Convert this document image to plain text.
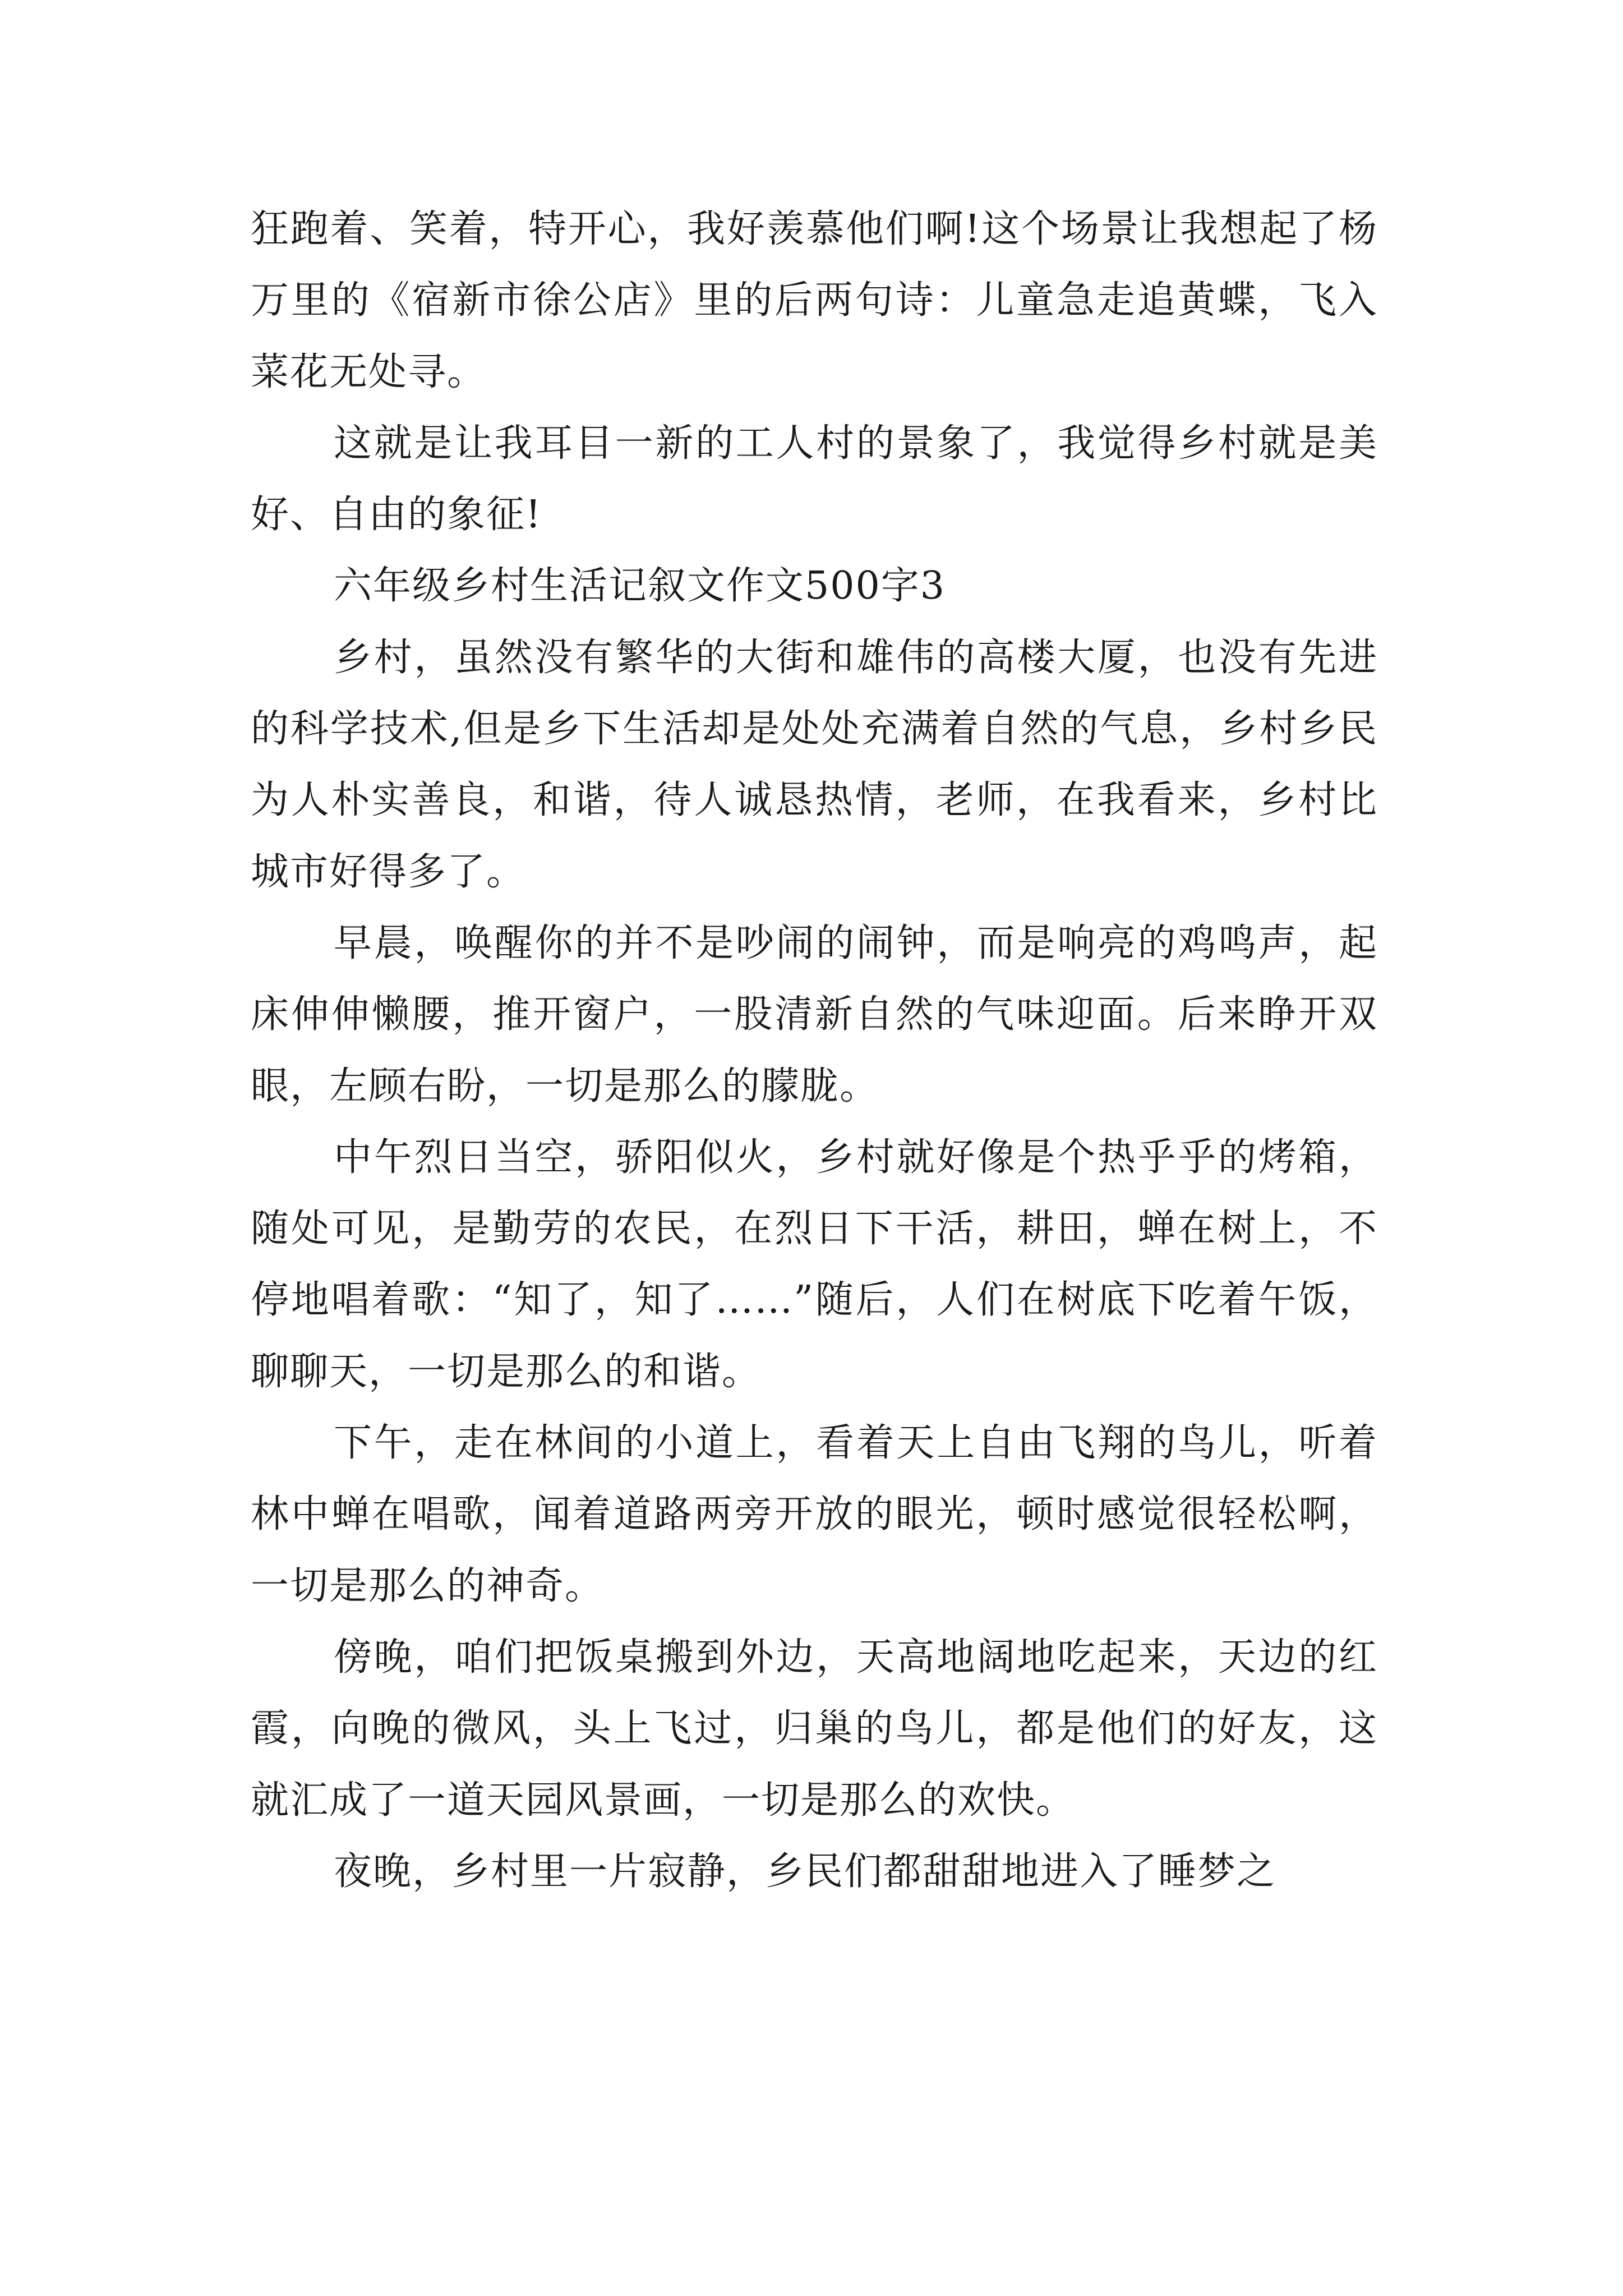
狂跑着、笑着，特开心，我好羡慕他们啊!这个场景让我想起了杨万里的《宿新市徐公店》里的后两句诗：儿童急走追黄蝶，飞入菜花无处寻。

这就是让我耳目一新的工人村的景象了，我觉得乡村就是美好、自由的象征!

六年级乡村生活记叙文作文500字3

乡村，虽然没有繁华的大街和雄伟的高楼大厦，也没有先进的科学技术,但是乡下生活却是处处充满着自然的气息，乡村乡民为人朴实善良，和谐，待人诚恳热情，老师，在我看来，乡村比城市好得多了。

早晨，唤醒你的并不是吵闹的闹钟，而是响亮的鸡鸣声，起床伸伸懒腰，推开窗户，一股清新自然的气味迎面。后来睁开双眼，左顾右盼，一切是那么的朦胧。

中午烈日当空，骄阳似火，乡村就好像是个热乎乎的烤箱，随处可见，是勤劳的农民，在烈日下干活，耕田，蝉在树上，不停地唱着歌：“知了，知了……”随后，人们在树底下吃着午饭，聊聊天，一切是那么的和谐。

下午，走在林间的小道上，看着天上自由飞翔的鸟儿，听着林中蝉在唱歌，闻着道路两旁开放的眼光，顿时感觉很轻松啊，一切是那么的神奇。

傍晚，咱们把饭桌搬到外边，天高地阔地吃起来，天边的红霞，向晚的微风，头上飞过，归巢的鸟儿，都是他们的好友，这就汇成了一道天园风景画，一切是那么的欢快。

夜晚，乡村里一片寂静，乡民们都甜甜地进入了睡梦之
